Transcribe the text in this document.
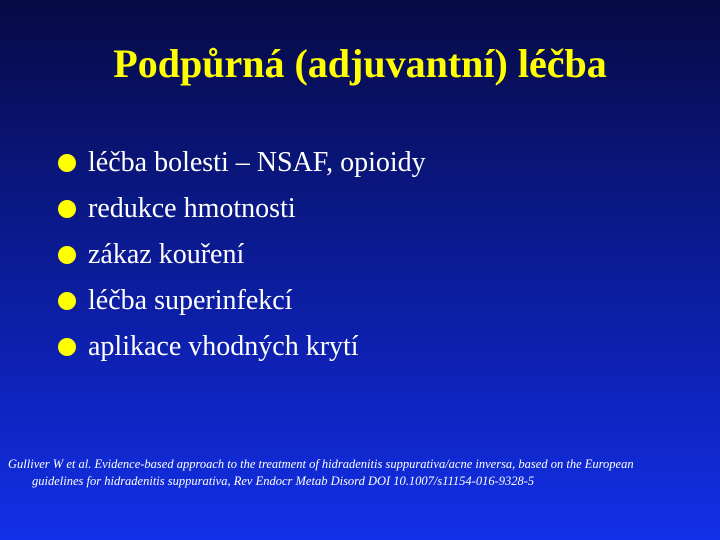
Podpůrná (adjuvantní) léčba
léčba bolesti – NSAF, opioidy
redukce hmotnosti
zákaz kouření
léčba superinfekcí
aplikace vhodných krytí
Gulliver W et al. Evidence-based approach to the treatment of hidradenitis suppurativa/acne inversa, based on the European guidelines for hidradenitis suppurativa, Rev Endocr Metab Disord DOI 10.1007/s11154-016-9328-5
